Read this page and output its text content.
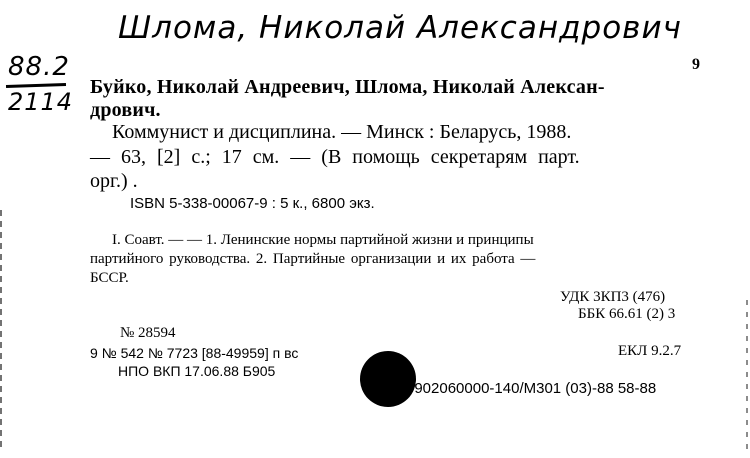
Шлома, Николай Александрович
88.2
2114
9
Буйко, Николай Андреевич, Шлома, Николай Алексан-
дрович.
Коммунист и дисциплина. — Минск : Беларусь, 1988.
— 63, [2] с.; 17 см. — (В помощь секретарям парт.
орг.) .
ISBN 5-338-00067-9 : 5 к., 6800 экз.
I. Соавт. — — 1. Ленинские нормы партийной жизни и принципы
партийного руководства. 2. Партийные организации и их работа —
БССР.
УДК 3КП3 (476)
ББК 66.61 (2) 3
№ 28594
9 № 542 № 7723 [88-49959] п вс	ЕКЛ 9.2.7
НПО ВКП 17.06.88 Б905
0902060000-140/М301 (03)-88 58-88
